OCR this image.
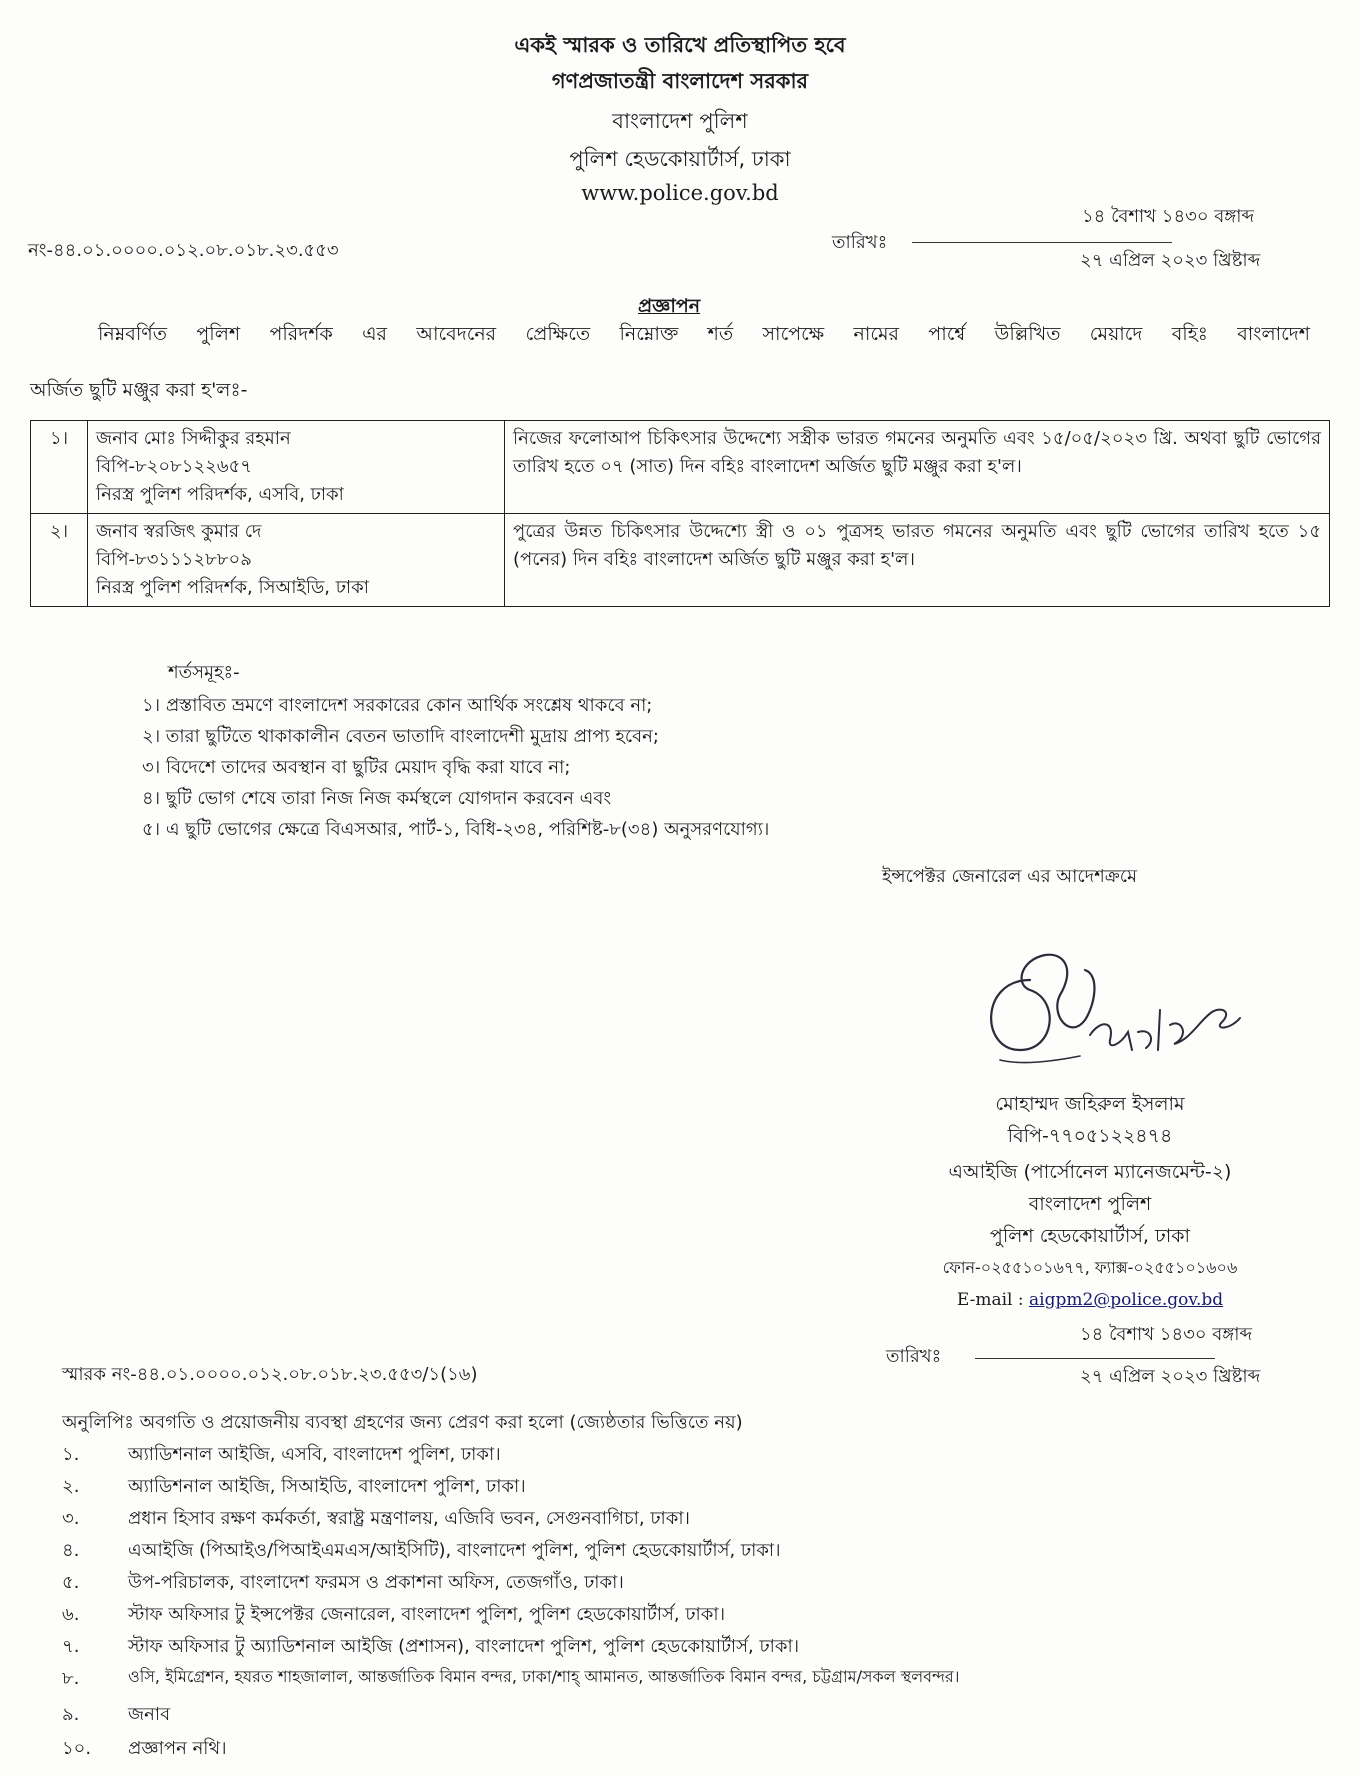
একই স্মারক ও তারিখে প্রতিস্থাপিত হবে
গণপ্রজাতন্ত্রী বাংলাদেশ সরকার
বাংলাদেশ পুলিশ
পুলিশ হেডকোয়ার্টার্স, ঢাকা
www.police.gov.bd
নং-৪৪.০১.০০০০.০১২.০৮.০১৮.২৩.৫৫৩	তারিখঃ
১৪ বৈশাখ ১৪৩০ বঙ্গাব্দ
২৭ এপ্রিল ২০২৩ খ্রিষ্টাব্দ
প্রজ্ঞাপন
নিম্নবর্ণিত পুলিশ পরিদর্শক এর আবেদনের প্রেক্ষিতে নিম্নোক্ত শর্ত সাপেক্ষে নামের পার্শ্বে উল্লিখিত মেয়াদে বহিঃ বাংলাদেশ
অর্জিত ছুটি মঞ্জুর করা হ'লঃ-
১।	জনাব মোঃ সিদ্দীকুর রহমান
বিপি-৮২০৮১২২৬৫৭
নিরস্ত্র পুলিশ পরিদর্শক, এসবি, ঢাকা	নিজের ফলোআপ চিকিৎসার উদ্দেশ্যে সস্ত্রীক ভারত গমনের অনুমতি এবং ১৫/০৫/২০২৩ খ্রি. অথবা ছুটি ভোগের তারিখ হতে ০৭ (সাত) দিন বহিঃ বাংলাদেশ অর্জিত ছুটি মঞ্জুর করা হ'ল।
২।	জনাব স্বরজিৎ কুমার দে
বিপি-৮৩১১১২৮৮০৯
নিরস্ত্র পুলিশ পরিদর্শক, সিআইডি, ঢাকা	পুত্রের উন্নত চিকিৎসার উদ্দেশ্যে স্ত্রী ও ০১ পুত্রসহ ভারত গমনের অনুমতি এবং ছুটি ভোগের তারিখ হতে ১৫ (পনের) দিন বহিঃ বাংলাদেশ অর্জিত ছুটি মঞ্জুর করা হ'ল।
শর্তসমূহঃ-
১। প্রস্তাবিত ভ্রমণে বাংলাদেশ সরকারের কোন আর্থিক সংশ্লেষ থাকবে না;
২। তারা ছুটিতে থাকাকালীন বেতন ভাতাদি বাংলাদেশী মুদ্রায় প্রাপ্য হবেন;
৩। বিদেশে তাদের অবস্থান বা ছুটির মেয়াদ বৃদ্ধি করা যাবে না;
৪। ছুটি ভোগ শেষে তারা নিজ নিজ কর্মস্থলে যোগদান করবেন এবং
৫। এ ছুটি ভোগের ক্ষেত্রে বিএসআর, পার্ট-১, বিধি-২৩৪, পরিশিষ্ট-৮(৩৪) অনুসরণযোগ্য।
ইন্সপেক্টর জেনারেল এর আদেশক্রমে
মোহাম্মদ জহিরুল ইসলাম
বিপি-৭৭০৫১২২৪৭৪
এআইজি (পার্সোনেল ম্যানেজমেন্ট-২)
বাংলাদেশ পুলিশ
পুলিশ হেডকোয়ার্টার্স, ঢাকা
ফোন-০২৫৫১০১৬৭৭, ফ্যাক্স-০২৫৫১০১৬০৬
E-mail : aigpm2@police.gov.bd
স্মারক নং-৪৪.০১.০০০০.০১২.০৮.০১৮.২৩.৫৫৩/১(১৬)
তারিখঃ
১৪ বৈশাখ ১৪৩০ বঙ্গাব্দ
২৭ এপ্রিল ২০২৩ খ্রিষ্টাব্দ
অনুলিপিঃ অবগতি ও প্রয়োজনীয় ব্যবস্থা গ্রহণের জন্য প্রেরণ করা হলো (জ্যেষ্ঠতার ভিত্তিতে নয়)
১.	অ্যাডিশনাল আইজি, এসবি, বাংলাদেশ পুলিশ, ঢাকা।
২.	অ্যাডিশনাল আইজি, সিআইডি, বাংলাদেশ পুলিশ, ঢাকা।
৩.	প্রধান হিসাব রক্ষণ কর্মকর্তা, স্বরাষ্ট্র মন্ত্রণালয়, এজিবি ভবন, সেগুনবাগিচা, ঢাকা।
৪.	এআইজি (পিআইও/পিআইএমএস/আইসিটি), বাংলাদেশ পুলিশ, পুলিশ হেডকোয়ার্টার্স, ঢাকা।
৫.	উপ-পরিচালক, বাংলাদেশ ফরমস ও প্রকাশনা অফিস, তেজগাঁও, ঢাকা।
৬.	স্টাফ অফিসার টু ইন্সপেক্টর জেনারেল, বাংলাদেশ পুলিশ, পুলিশ হেডকোয়ার্টার্স, ঢাকা।
৭.	স্টাফ অফিসার টু অ্যাডিশনাল আইজি (প্রশাসন), বাংলাদেশ পুলিশ, পুলিশ হেডকোয়ার্টার্স, ঢাকা।
৮.	ওসি, ইমিগ্রেশন, হযরত শাহজালাল, আন্তর্জাতিক বিমান বন্দর, ঢাকা/শাহ্ আমানত, আন্তর্জাতিক বিমান বন্দর, চট্টগ্রাম/সকল স্থলবন্দর।
৯.	জনাব
১০. প্রজ্ঞাপন নথি।
